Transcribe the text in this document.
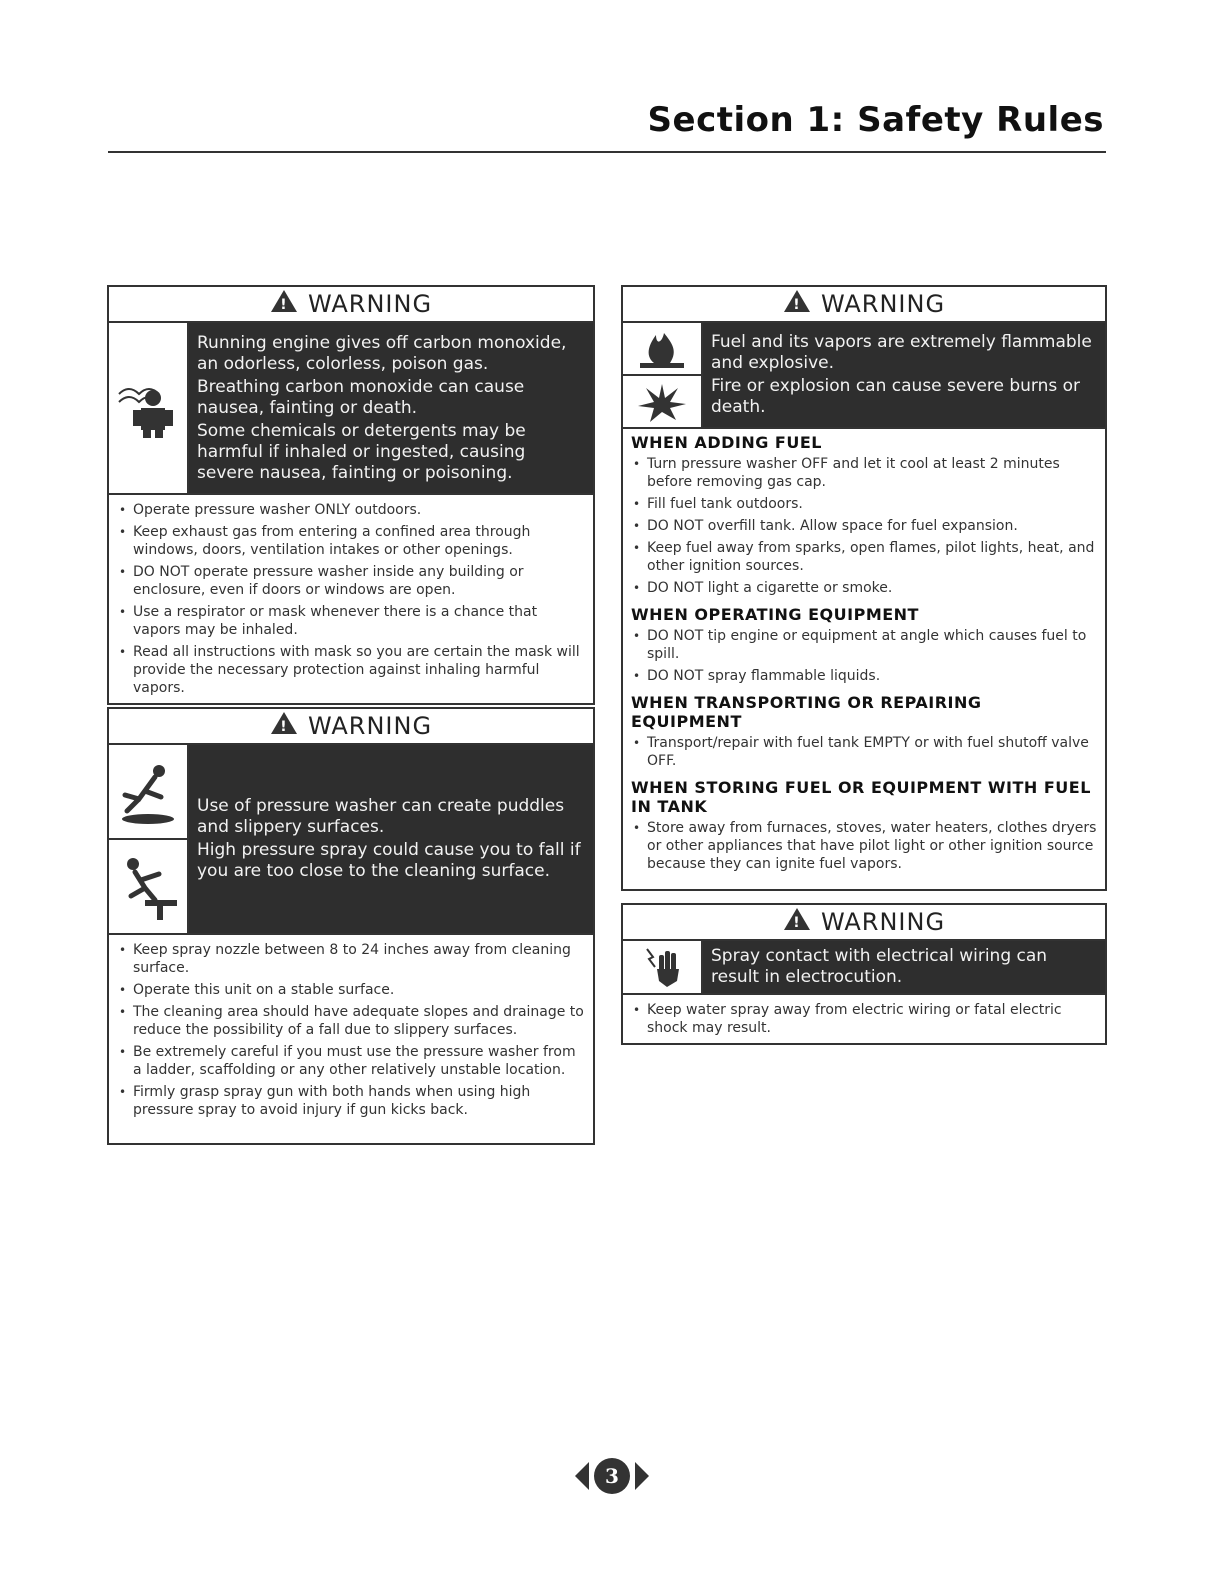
Section 1: Safety Rules
! WARNING
Running engine gives off carbon monoxide, an odorless, colorless, poison gas.
Breathing carbon monoxide can cause nausea, fainting or death.
Some chemicals or detergents may be harmful if inhaled or ingested, causing severe nausea, fainting or poisoning.
• Operate pressure washer ONLY outdoors.
• Keep exhaust gas from entering a confined area through windows, doors, ventilation intakes or other openings.
• DO NOT operate pressure washer inside any building or enclosure, even if doors or windows are open.
• Use a respirator or mask whenever there is a chance that vapors may be inhaled.
• Read all instructions with mask so you are certain the mask will provide the necessary protection against inhaling harmful vapors.
! WARNING
Use of pressure washer can create puddles and slippery surfaces.
High pressure spray could cause you to fall if you are too close to the cleaning surface.
• Keep spray nozzle between 8 to 24 inches away from cleaning surface.
• Operate this unit on a stable surface.
• The cleaning area should have adequate slopes and drainage to reduce the possibility of a fall due to slippery surfaces.
• Be extremely careful if you must use the pressure washer from a ladder, scaffolding or any other relatively unstable location.
• Firmly grasp spray gun with both hands when using high pressure spray to avoid injury if gun kicks back.
! WARNING
Fuel and its vapors are extremely flammable and explosive.
Fire or explosion can cause severe burns or death.
WHEN ADDING FUEL
• Turn pressure washer OFF and let it cool at least 2 minutes before removing gas cap.
• Fill fuel tank outdoors.
• DO NOT overfill tank. Allow space for fuel expansion.
• Keep fuel away from sparks, open flames, pilot lights, heat, and other ignition sources.
• DO NOT light a cigarette or smoke.
WHEN OPERATING EQUIPMENT
• DO NOT tip engine or equipment at angle which causes fuel to spill.
• DO NOT spray flammable liquids.
WHEN TRANSPORTING OR REPAIRING EQUIPMENT
• Transport/repair with fuel tank EMPTY or with fuel shutoff valve OFF.
WHEN STORING FUEL OR EQUIPMENT WITH FUEL IN TANK
• Store away from furnaces, stoves, water heaters, clothes dryers or other appliances that have pilot light or other ignition source because they can ignite fuel vapors.
! WARNING
Spray contact with electrical wiring can result in electrocution.
• Keep water spray away from electric wiring or fatal electric shock may result.
3
